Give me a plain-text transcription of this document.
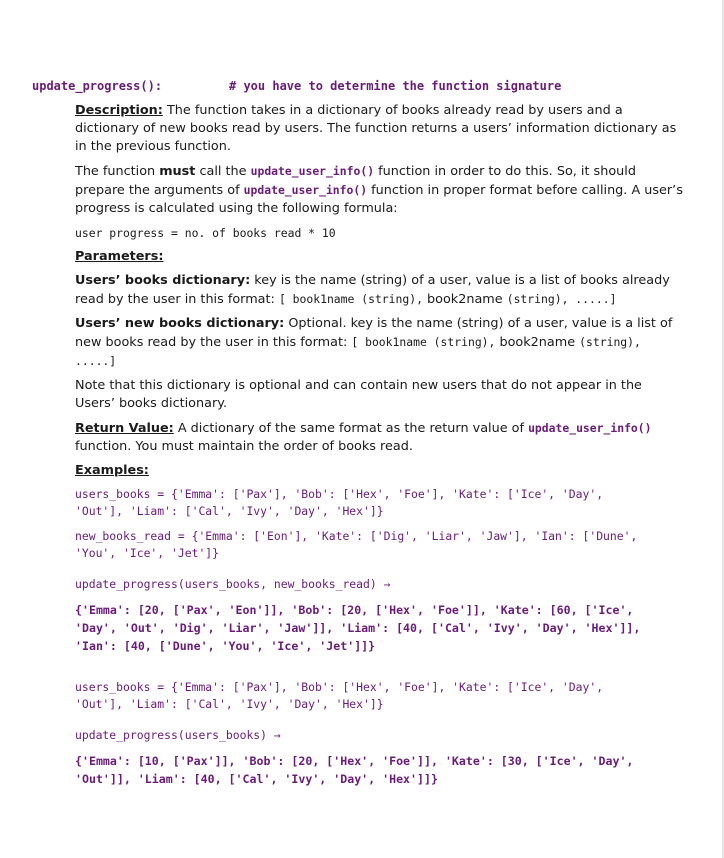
update_progress():	# you have to determine the function signature

Description: The function takes in a dictionary of books already read by users and a dictionary of new books read by users. The function returns a users’ information dictionary as in the previous function.

The function must call the update_user_info() function in order to do this. So, it should prepare the arguments of update_user_info() function in proper format before calling. A user’s progress is calculated using the following formula:

user progress = no. of books read * 10

Parameters:

Users’ books dictionary: key is the name (string) of a user, value is a list of books already read by the user in this format: [ book1name (string), book2name (string), .....]

Users’ new books dictionary: Optional. key is the name (string) of a user, value is a list of new books read by the user in this format: [ book1name (string), book2name (string), .....]

Note that this dictionary is optional and can contain new users that do not appear in the Users’ books dictionary.

Return Value: A dictionary of the same format as the return value of update_user_info() function. You must maintain the order of books read.

Examples:

users_books = {'Emma': ['Pax'], 'Bob': ['Hex', 'Foe'], 'Kate': ['Ice', 'Day',
'Out'], 'Liam': ['Cal', 'Ivy', 'Day', 'Hex']}
new_books_read = {'Emma': ['Eon'], 'Kate': ['Dig', 'Liar', 'Jaw'], 'Ian': ['Dune',
'You', 'Ice', 'Jet']}
update_progress(users_books, new_books_read) →
{'Emma': [20, ['Pax', 'Eon']], 'Bob': [20, ['Hex', 'Foe']], 'Kate': [60, ['Ice',
'Day', 'Out', 'Dig', 'Liar', 'Jaw']], 'Liam': [40, ['Cal', 'Ivy', 'Day', 'Hex']],
'Ian': [40, ['Dune', 'You', 'Ice', 'Jet']]}
users_books = {'Emma': ['Pax'], 'Bob': ['Hex', 'Foe'], 'Kate': ['Ice', 'Day',
'Out'], 'Liam': ['Cal', 'Ivy', 'Day', 'Hex']}
update_progress(users_books) →
{'Emma': [10, ['Pax']], 'Bob': [20, ['Hex', 'Foe']], 'Kate': [30, ['Ice', 'Day',
'Out']], 'Liam': [40, ['Cal', 'Ivy', 'Day', 'Hex']]}
